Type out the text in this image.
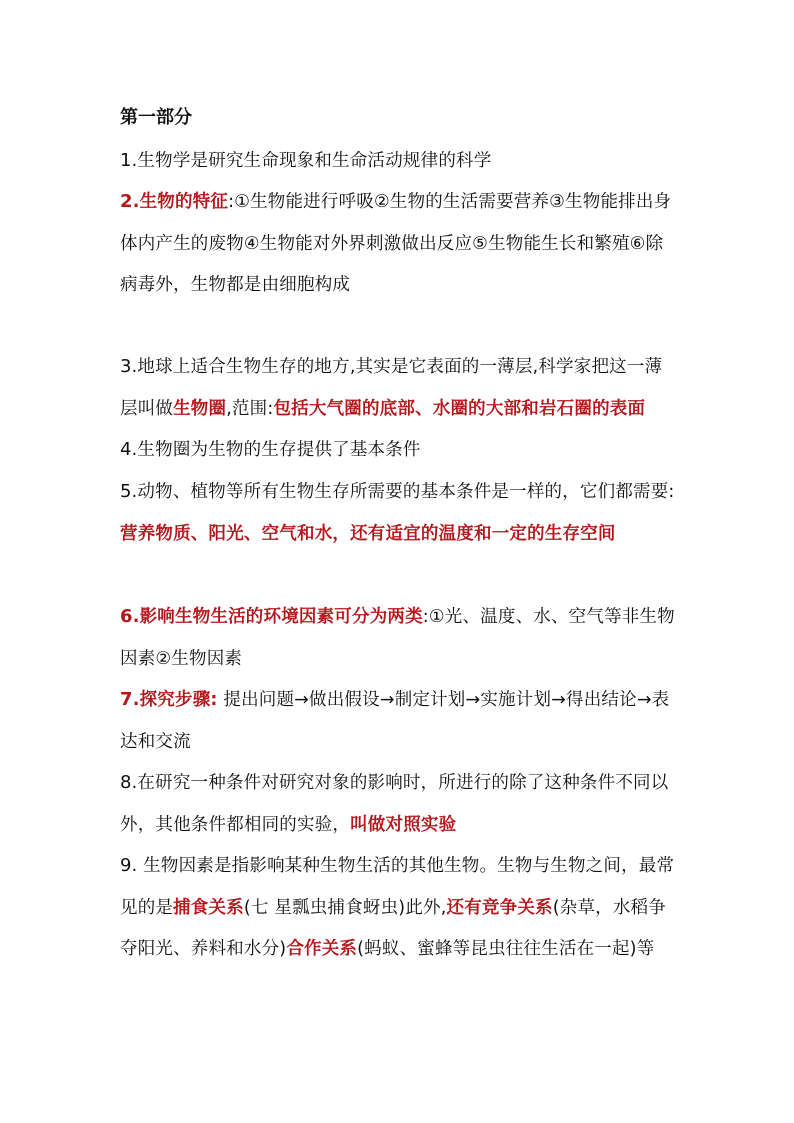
第一部分

1.生物学是研究生命现象和生命活动规律的科学

2.生物的特征:①生物能进行呼吸②生物的生活需要营养③生物能排出身体内产生的废物④生物能对外界刺激做出反应⑤生物能生长和繁殖⑥除病毒外，生物都是由细胞构成

3.地球上适合生物生存的地方,其实是它表面的一薄层,科学家把这一薄层叫做生物圈,范围:包括大气圈的底部、水圈的大部和岩石圈的表面

4.生物圈为生物的生存提供了基本条件

5.动物、植物等所有生物生存所需要的基本条件是一样的，它们都需要:营养物质、阳光、空气和水，还有适宜的温度和一定的生存空间

6.影响生物生活的环境因素可分为两类:①光、温度、水、空气等非生物因素②生物因素

7.探究步骤: 提出问题→做出假设→制定计划→实施计划→得出结论→表达和交流

8.在研究一种条件对研究对象的影响时，所进行的除了这种条件不同以外，其他条件都相同的实验，叫做对照实验

9. 生物因素是指影响某种生物生活的其他生物。生物与生物之间，最常见的是捕食关系(七 星瓢虫捕食蚜虫)此外,还有竞争关系(杂草，水稻争夺阳光、养料和水分)合作关系(蚂蚁、蜜蜂等昆虫往往生活在一起)等
